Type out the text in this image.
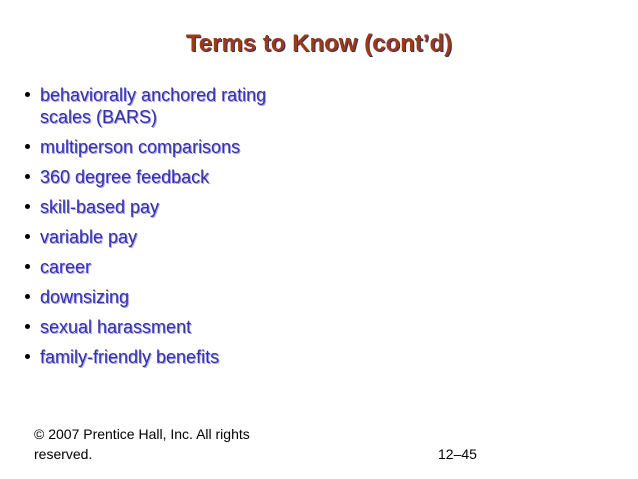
Terms to Know (cont’d)
behaviorally anchored rating scales (BARS)
multiperson comparisons
360 degree feedback
skill-based pay
variable pay
career
downsizing
sexual harassment
family-friendly benefits
© 2007 Prentice Hall, Inc. All rights reserved.	12–45
